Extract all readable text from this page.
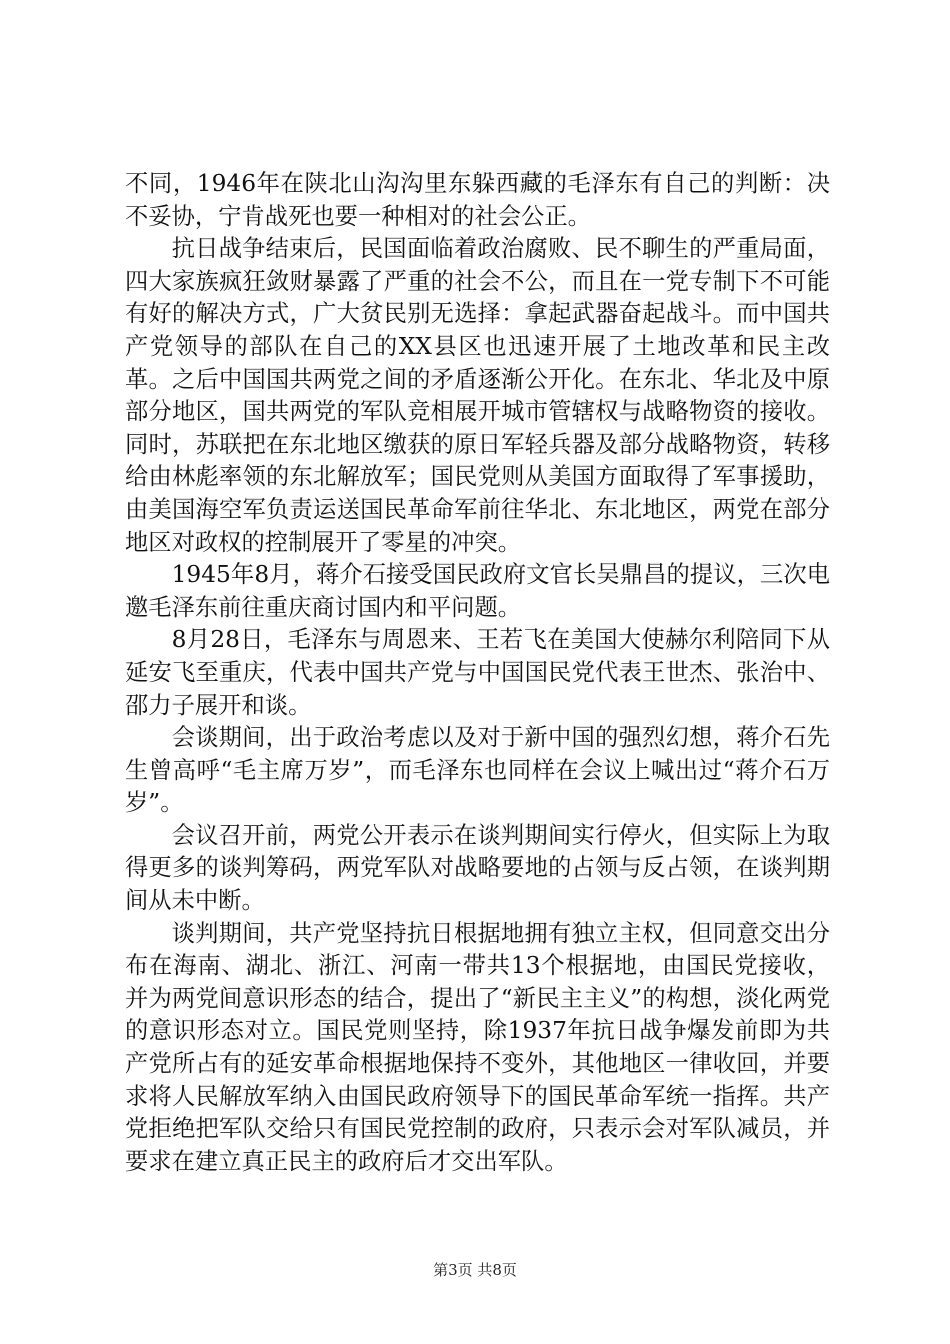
不同，1946年在陕北山沟沟里东躲西藏的毛泽东有自己的判断：决不妥协，宁肯战死也要一种相对的社会公正。

抗日战争结束后，民国面临着政治腐败、民不聊生的严重局面，四大家族疯狂敛财暴露了严重的社会不公，而且在一党专制下不可能有好的解决方式，广大贫民别无选择：拿起武器奋起战斗。而中国共产党领导的部队在自己的XX县区也迅速开展了土地改革和民主改革。之后中国国共两党之间的矛盾逐渐公开化。在东北、华北及中原部分地区，国共两党的军队竞相展开城市管辖权与战略物资的接收。同时，苏联把在东北地区缴获的原日军轻兵器及部分战略物资，转移给由林彪率领的东北解放军；国民党则从美国方面取得了军事援助，由美国海空军负责运送国民革命军前往华北、东北地区，两党在部分地区对政权的控制展开了零星的冲突。

1945年8月，蒋介石接受国民政府文官长吴鼎昌的提议，三次电邀毛泽东前往重庆商讨国内和平问题。

8月28日，毛泽东与周恩来、王若飞在美国大使赫尔利陪同下从延安飞至重庆，代表中国共产党与中国国民党代表王世杰、张治中、邵力子展开和谈。

会谈期间，出于政治考虑以及对于新中国的强烈幻想，蒋介石先生曾高呼“毛主席万岁”，而毛泽东也同样在会议上喊出过“蒋介石万岁”。

会议召开前，两党公开表示在谈判期间实行停火，但实际上为取得更多的谈判筹码，两党军队对战略要地的占领与反占领，在谈判期间从未中断。

谈判期间，共产党坚持抗日根据地拥有独立主权，但同意交出分布在海南、湖北、浙江、河南一带共13个根据地，由国民党接收，并为两党间意识形态的结合，提出了“新民主主义”的构想，淡化两党的意识形态对立。国民党则坚持，除1937年抗日战争爆发前即为共产党所占有的延安革命根据地保持不变外，其他地区一律收回，并要求将人民解放军纳入由国民政府领导下的国民革命军统一指挥。共产党拒绝把军队交给只有国民党控制的政府，只表示会对军队减员，并要求在建立真正民主的政府后才交出军队。

第3页 共8页
